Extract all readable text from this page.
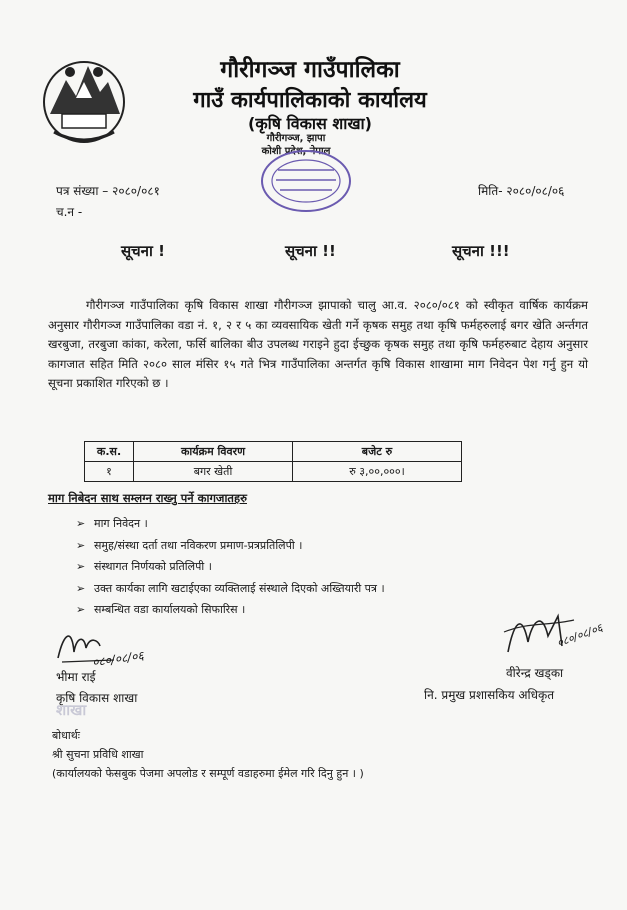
गौरीगञ्ज गाउँपालिका
गाउँ कार्यपालिकाको कार्यालय
(कृषि विकास शाखा)
गौरीगञ्ज, झापा
कोशी प्रदेश, नेपाल
पत्र संख्या – २०८०/०८१
च.न -
मिति- २०८०/०८/०६
सूचना !	सूचना !!	सूचना !!!
गौरीगञ्ज गाउँपालिका कृषि विकास शाखा गौरीगञ्ज झापाको चालु आ.व. २०८०/०८१ को स्वीकृत वार्षिक कार्यक्रम अनुसार गौरीगञ्ज गाउँपालिका वडा नं. १, २ र ५ का व्यवसायिक खेती गर्ने कृषक समुह तथा कृषि फर्महरुलाई बगर खेति अर्न्तगत खरबुजा, तरबुजा कांका, करेला, फर्सि बालिका बीउ उपलब्ध गराइने हुदा ईच्छुक कृषक समुह तथा कृषि फर्महरुबाट देहाय अनुसार कागजात सहित मिति २०८० साल मंसिर १५ गते भित्र गाउँपालिका अन्तर्गत कृषि विकास शाखामा माग निवेदन पेश गर्नु हुन यो सूचना प्रकाशित गरिएको छ ।
क.स.	कार्यक्रम विवरण	बजेट रु
१	बगर खेती	रु ३,००,०००।
माग निबेदन साथ सम्लग्न राख्नु पर्ने कागजातहरु
➢ माग निवेदन ।
➢ समुह/संस्था दर्ता तथा नविकरण प्रमाण-प्रत्रप्रतिलिपी ।
➢ संस्थागत निर्णयको प्रतिलिपी ।
➢ उक्त कार्यका लागि खटाईएका व्यक्तिलाई संस्थाले दिएको अख्तियारी पत्र ।
➢ सम्बन्धित वडा कार्यालयको सिफारिस ।
०८०/०८/०६
शाखा
भीमा राई
कृषि विकास शाखा
०८०/०८/०६
वीरेन्द्र खड्का
नि. प्रमुख प्रशासकिय अधिकृत
बोधार्थः
श्री सुचना प्रविधि शाखा
(कार्यालयको फेसबुक पेजमा अपलोड र सम्पूर्ण वडाहरुमा ईमेल गरि दिनु हुन । )
